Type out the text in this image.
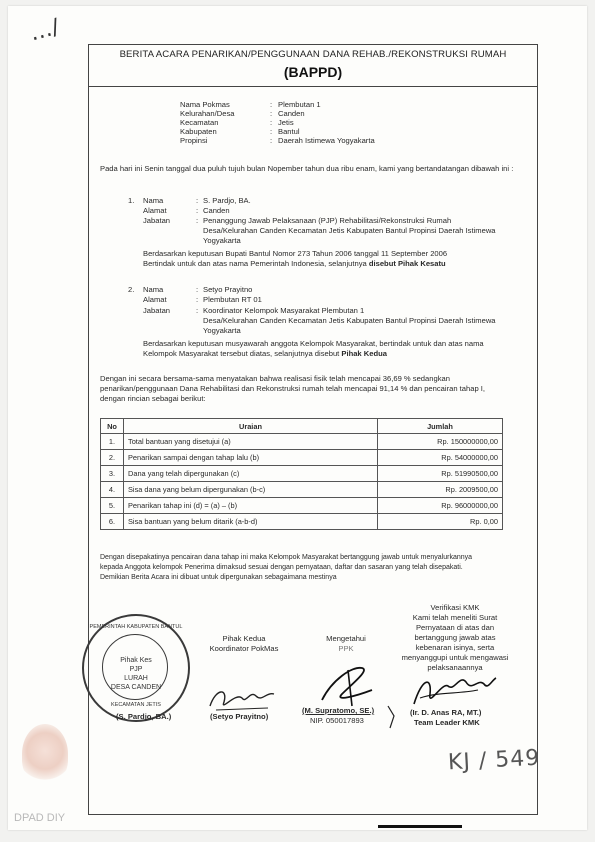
…/
BERITA ACARA PENARIKAN/PENGGUNAAN DANA REHAB./REKONSTRUKSI RUMAH
(BAPPD)
Nama Pokmas	: Plembutan 1
Kelurahan/Desa	: Canden
Kecamatan	: Jetis
Kabupaten	: Bantul
Propinsi	: Daerah Istimewa Yogyakarta
Pada hari ini Senin tanggal dua puluh tujuh bulan Nopember tahun dua ribu enam, kami yang bertandatangan dibawah ini :
1. Nama	: S. Pardjo, BA.
Alamat	: Canden
Jabatan	: Penanggung Jawab Pelaksanaan (PJP) Rehabilitasi/Rekonstruksi Rumah
Desa/Kelurahan Canden Kecamatan Jetis Kabupaten Bantul Propinsi Daerah Istimewa
Yogyakarta
Berdasarkan keputusan Bupati Bantul Nomor 273 Tahun 2006 tanggal 11 September 2006
Bertindak untuk dan atas nama Pemerintah Indonesia, selanjutnya disebut Pihak Kesatu
2. Nama	: Setyo Prayitno
Alamat	: Plembutan RT 01
Jabatan	: Koordinator Kelompok Masyarakat Plembutan 1
Desa/Kelurahan Canden Kecamatan Jetis Kabupaten Bantul Propinsi Daerah Istimewa
Yogyakarta
Berdasarkan keputusan musyawarah anggota Kelompok Masyarakat, bertindak untuk dan atas nama
Kelompok Masyarakat tersebut diatas, selanjutnya disebut Pihak Kedua
Dengan ini secara bersama-sama menyatakan bahwa realisasi fisik telah mencapai 36,69 % sedangkan
penarikan/penggunaan Dana Rehabilitasi dan Rekonstruksi rumah telah mencapai 91,14 % dan pencairan tahap I,
dengan rincian sebagai berikut:
No	Uraian	Jumlah
1.	Total bantuan yang disetujui (a)	Rp. 150000000,00
2.	Penarikan sampai dengan tahap lalu (b)	Rp. 54000000,00
3.	Dana yang telah dipergunakan (c)	Rp. 51990500,00
4.	Sisa dana yang belum dipergunakan (b-c)	Rp. 2009500,00
5.	Penarikan tahap ini (d) = (a) – (b)	Rp. 96000000,00
6.	Sisa bantuan yang belum ditarik (a-b-d)	Rp. 0,00
Dengan disepakatinya pencairan dana tahap ini maka Kelompok Masyarakat bertanggung jawab untuk menyalurkannya
kepada Anggota kelompok Penerima dimaksud sesuai dengan pernyataan, daftar dan sasaran yang telah disepakati.
Demikian Berita Acara ini dibuat untuk dipergunakan sebagaimana mestinya
Verifikasi KMK
Kami telah meneliti Surat
Pernyataan di atas dan
bertanggung jawab atas
kebenaran isinya, serta
menyanggupi untuk mengawasi
pelaksanaannya
PEMERINTAH KABUPATEN BANTUL
Pihak Kes
PJP
LURAH
DESA CANDEN
KECAMATAN JETIS
(S. Pardjo, BA.)
Pihak Kedua
Koordinator PokMas
(Setyo Prayitno)
Mengetahui
PPK
(M. Supratomo, SE.)
NIP. 050017893
(Ir. D. Anas RA, MT.)
Team Leader KMK
KJ / 549
DPAD DIY
